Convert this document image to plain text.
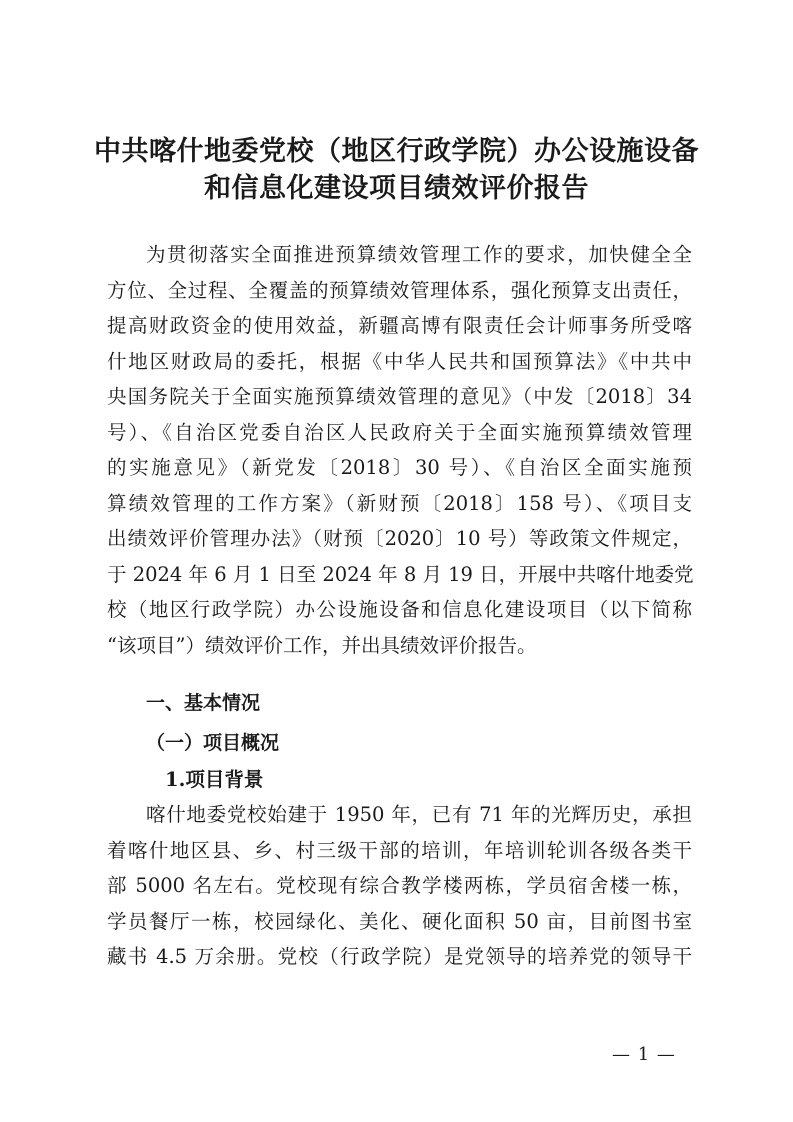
中共喀什地委党校（地区行政学院）办公设施设备
和信息化建设项目绩效评价报告
为贯彻落实全面推进预算绩效管理工作的要求，加快健全全
方位、全过程、全覆盖的预算绩效管理体系，强化预算支出责任，
提高财政资金的使用效益，新疆高博有限责任会计师事务所受喀
什地区财政局的委托，根据《中华人民共和国预算法》《中共中
央国务院关于全面实施预算绩效管理的意见》（中发〔2018〕34
号）、《自治区党委自治区人民政府关于全面实施预算绩效管理
的实施意见》（新党发〔2018〕30 号）、《自治区全面实施预
算绩效管理的工作方案》（新财预〔2018〕158 号）、《项目支
出绩效评价管理办法》（财预〔2020〕10 号）等政策文件规定，
于 2024 年 6 月 1 日至 2024 年 8 月 19 日，开展中共喀什地委党
校（地区行政学院）办公设施设备和信息化建设项目（以下简称
“该项目”）绩效评价工作，并出具绩效评价报告。
一、基本情况
（一）项目概况
1.项目背景
喀什地委党校始建于 1950 年，已有 71 年的光辉历史，承担
着喀什地区县、乡、村三级干部的培训，年培训轮训各级各类干
部 5000 名左右。党校现有综合教学楼两栋，学员宿舍楼一栋，
学员餐厅一栋，校园绿化、美化、硬化面积 50 亩，目前图书室
藏书 4.5 万余册。党校（行政学院）是党领导的培养党的领导干
— 1 —
